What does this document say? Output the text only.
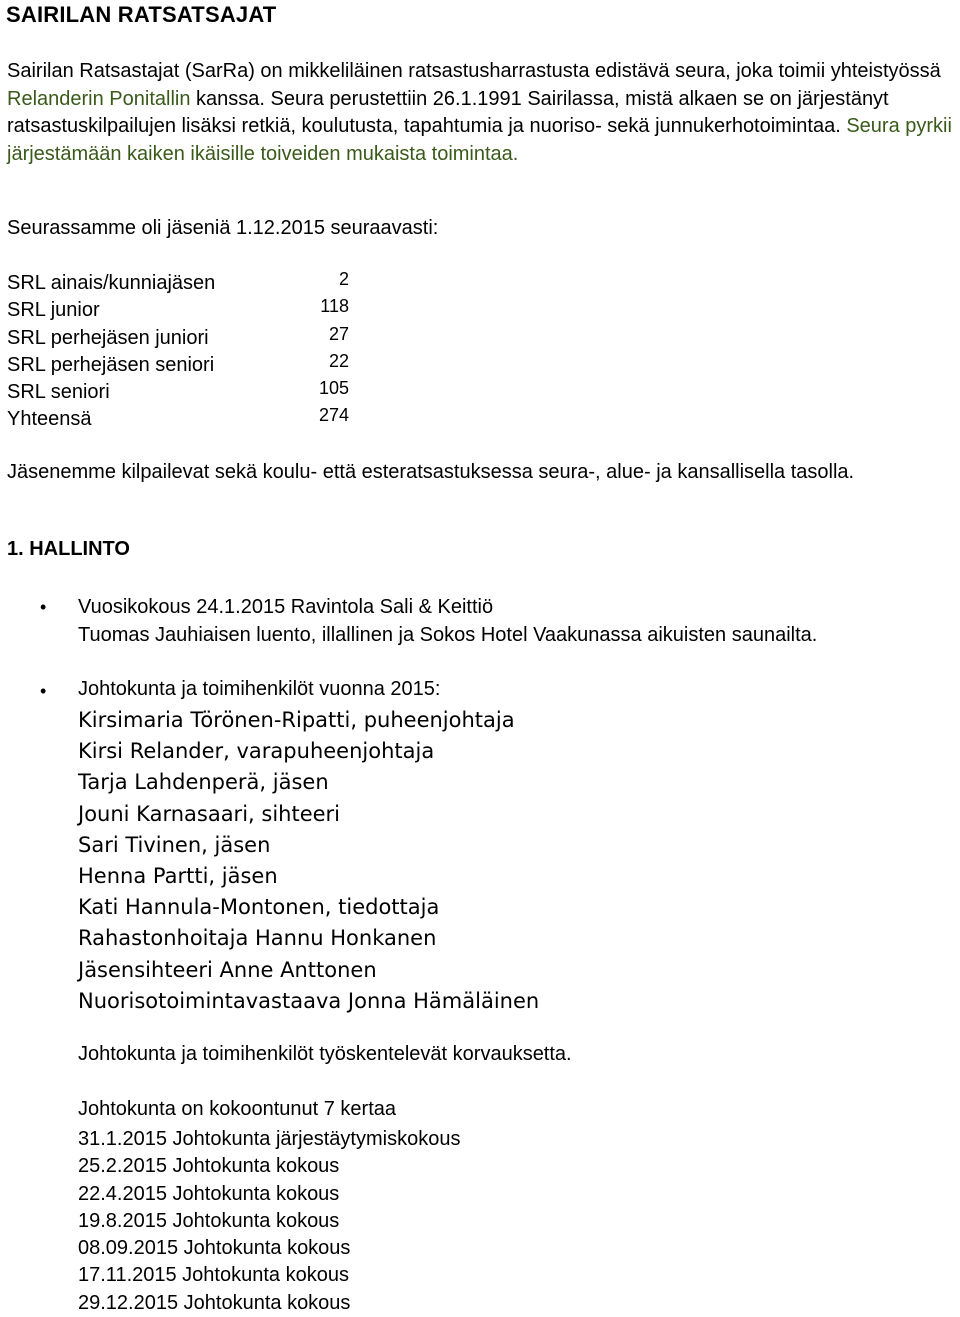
SAIRILAN RATSATSAJAT
Sairilan Ratsastajat (SarRa) on mikkeliläinen ratsastusharrastusta edistävä seura, joka toimii yhteistyössä Relanderin Ponitallin kanssa. Seura perustettiin 26.1.1991 Sairilassa, mistä alkaen se on järjestänyt ratsastuskilpailujen lisäksi retkiä, koulutusta, tapahtumia ja nuoriso- sekä junnukerhotoimintaa. Seura pyrkii järjestämään kaiken ikäisille toiveiden mukaista toimintaa.
Seurassamme oli jäseniä 1.12.2015 seuraavasti:
SRL ainais/kunniajäsen	2
SRL junior	118
SRL perhejäsen juniori	27
SRL perhejäsen seniori	22
SRL seniori	105
Yhteensä	274
Jäsenemme kilpailevat sekä koulu- että esteratsastuksessa seura-, alue- ja kansallisella tasolla.
1. HALLINTO
• Vuosikokous 24.1.2015 Ravintola Sali & Keittiö
Tuomas Jauhiaisen luento, illallinen ja Sokos Hotel Vaakunassa aikuisten saunailta.
• Johtokunta ja toimihenkilöt vuonna 2015:
Kirsimaria Törönen-Ripatti, puheenjohtaja
Kirsi Relander, varapuheenjohtaja
Tarja Lahdenperä, jäsen
Jouni Karnasaari, sihteeri
Sari Tivinen, jäsen
Henna Partti, jäsen
Kati Hannula-Montonen, tiedottaja
Rahastonhoitaja Hannu Honkanen
Jäsensihteeri Anne Anttonen
Nuorisotoimintavastaava Jonna Hämäläinen
Johtokunta ja toimihenkilöt työskentelevät korvauksetta.
Johtokunta on kokoontunut 7 kertaa
31.1.2015 Johtokunta järjestäytymiskokous
25.2.2015 Johtokunta kokous
22.4.2015 Johtokunta kokous
19.8.2015 Johtokunta kokous
08.09.2015 Johtokunta kokous
17.11.2015 Johtokunta kokous
29.12.2015 Johtokunta kokous
